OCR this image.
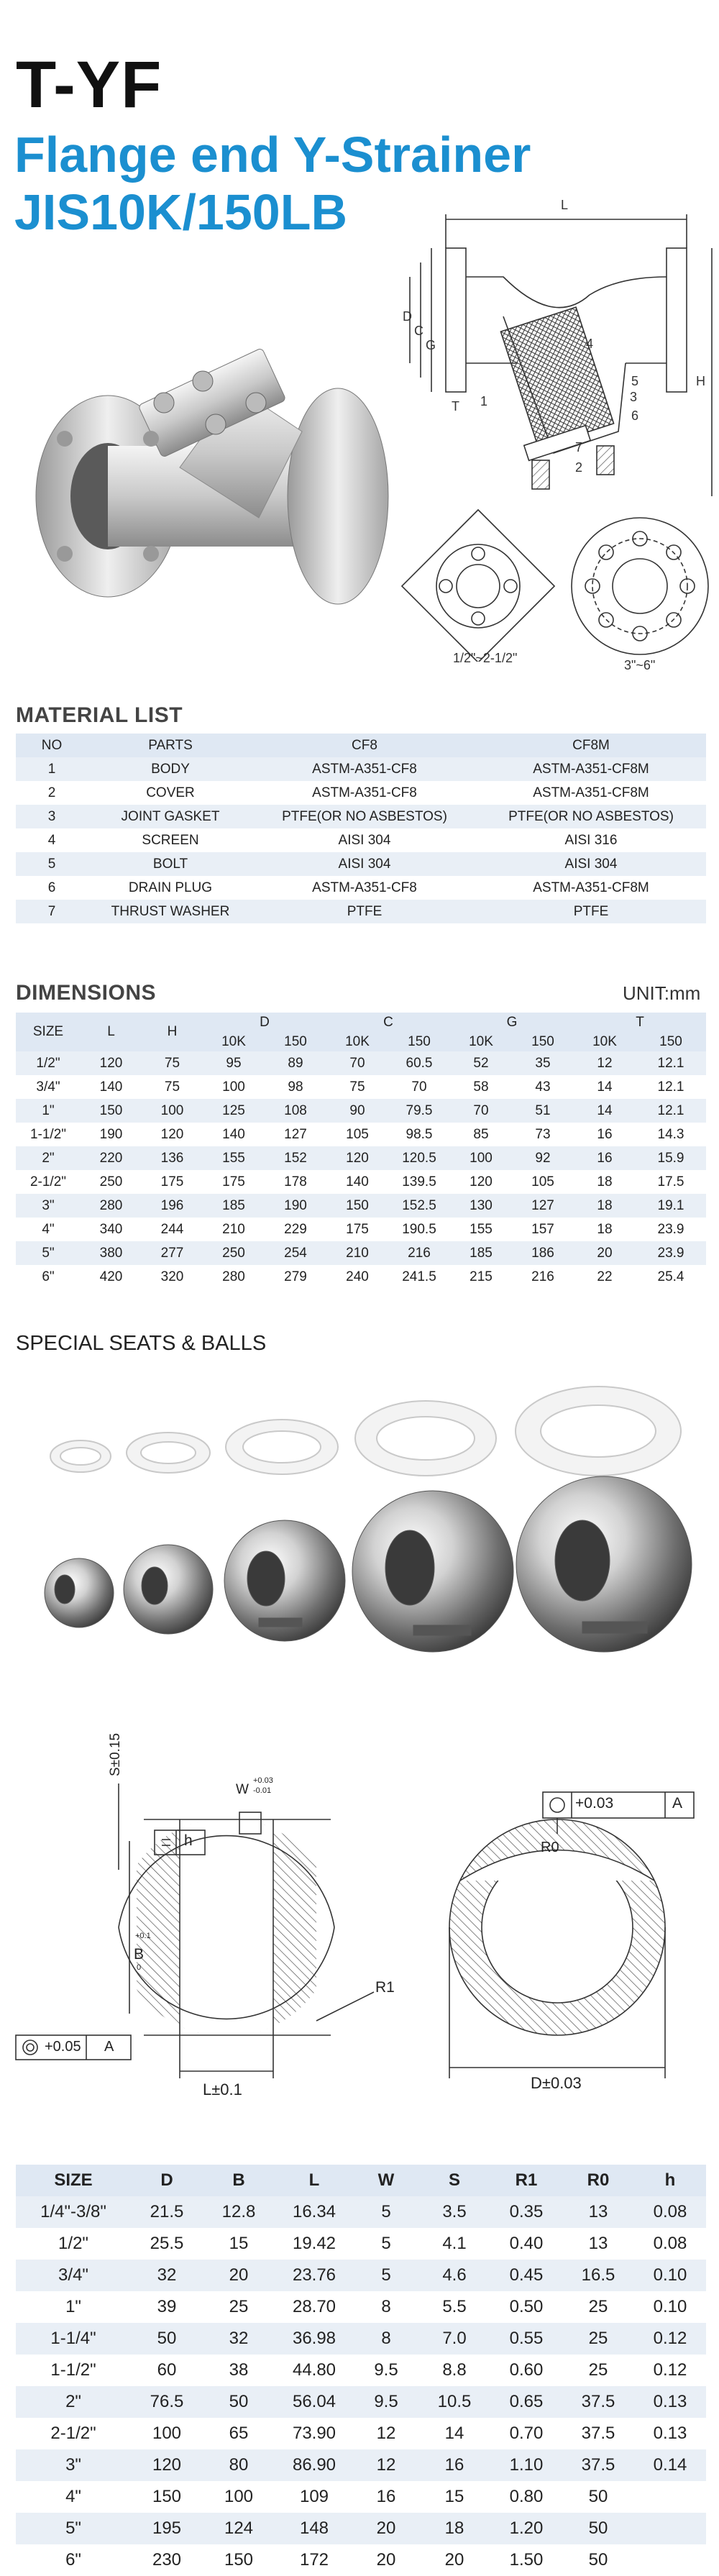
T-YF
Flange end Y-Strainer
JIS10K/150LB	L
H
D
C
G
T 1
2
3
4
5
6
7
1/2"~2-1/2"	3"~6"
MATERIAL LIST
NO	PARTS	CF8	CF8M
1	BODY	ASTM-A351-CF8	ASTM-A351-CF8M
2	COVER	ASTM-A351-CF8	ASTM-A351-CF8M
3	JOINT GASKET	PTFE(OR NO ASBESTOS)	PTFE(OR NO ASBESTOS)
4	SCREEN	AISI 304	AISI 316
5	BOLT	AISI 304	AISI 304
6	DRAIN PLUG	ASTM-A351-CF8	ASTM-A351-CF8M
7	THRUST WASHER	PTFE	PTFE
DIMENSIONS	UNIT:mm
SIZE	L	H	D		C		G		T	
			10K	150	10K	150	10K	150	10K	150
1/2"	120	75	95	89	70	60.5	52	35	12	12.1
3/4"	140	75	100	98	75	70	58	43	14	12.1
1"	150	100	125	108	90	79.5	70	51	14	12.1
1-1/2"	190	120	140	127	105	98.5	85	73	16	14.3
2"	220	136	155	152	120	120.5	100	92	16	15.9
2-1/2"	250	175	175	178	140	139.5	120	105	18	17.5
3"	280	196	185	190	150	152.5	130	127	18	19.1
4"	340	244	210	229	175	190.5	155	157	18	23.9
5"	380	277	250	254	210	216	185	186	20	23.9
6"	420	320	280	279	240	241.5	215	216	22	25.4
SPECIAL SEATS & BALLS
S±0.15
W
+0.03
-0.01
h
B
+0.1
0
+0.05 A
R1
L±0.1
+0.03	A
R0
D±0.03
SIZE	D	B	L	W	S	R1	R0	h
1/4"-3/8"	21.5	12.8	16.34	5	3.5	0.35	13	0.08
1/2"	25.5	15	19.42	5	4.1	0.40	13	0.08
3/4"	32	20	23.76	5	4.6	0.45	16.5	0.10
1"	39	25	28.70	8	5.5	0.50	25	0.10
1-1/4"	50	32	36.98	8	7.0	0.55	25	0.12
1-1/2"	60	38	44.80	9.5	8.8	0.60	25	0.12
2"	76.5	50	56.04	9.5	10.5	0.65	37.5	0.13
2-1/2"	100	65	73.90	12	14	0.70	37.5	0.13
3"	120	80	86.90	12	16	1.10	37.5	0.14
4"	150	100	109	16	15	0.80	50	
5"	195	124	148	20	18	1.20	50	
6"	230	150	172	20	20	1.50	50	
